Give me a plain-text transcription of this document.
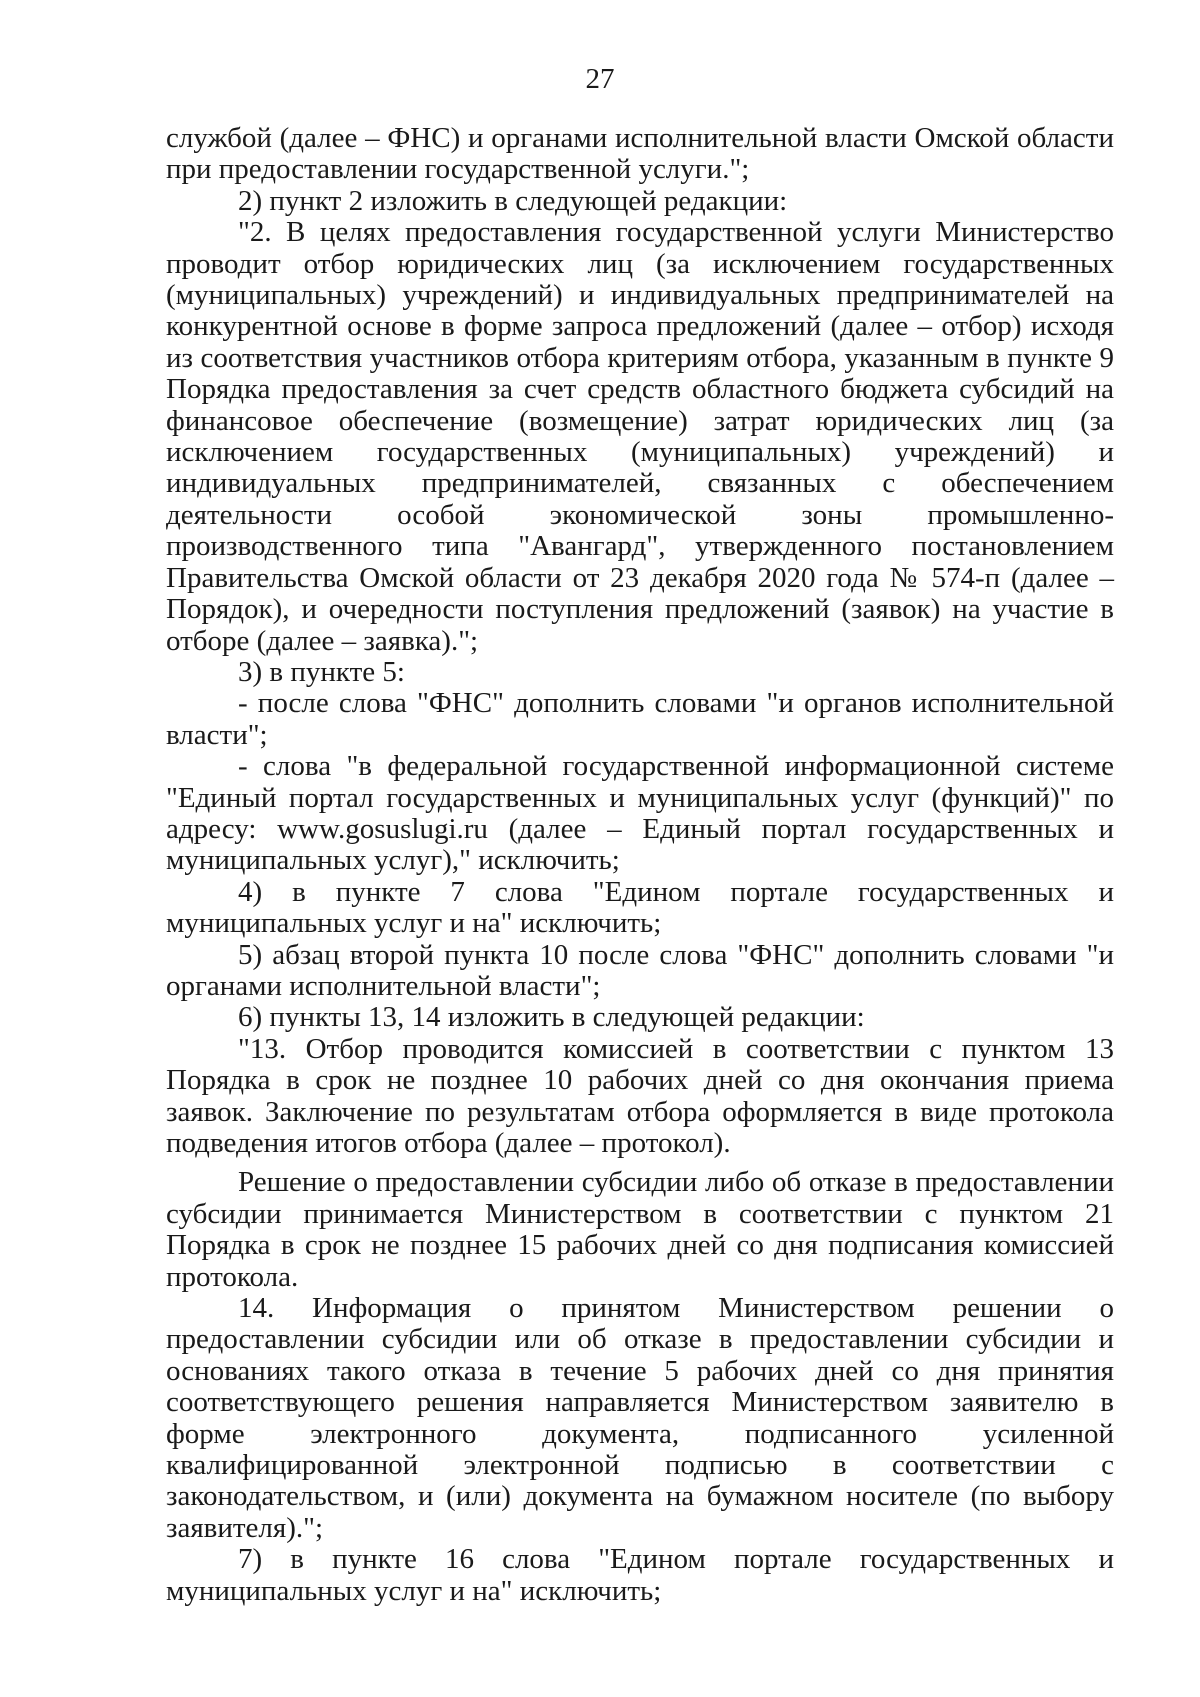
27

службой (далее – ФНС) и органами исполнительной власти Омской области при предоставлении государственной услуги.";

2) пункт 2 изложить в следующей редакции:

"2. В целях предоставления государственной услуги Министерство проводит отбор юридических лиц (за исключением государственных (муниципальных) учреждений) и индивидуальных предпринимателей на конкурентной основе в форме запроса предложений (далее – отбор) исходя из соответствия участников отбора критериям отбора, указанным в пункте 9 Порядка предоставления за счет средств областного бюджета субсидий на финансовое обеспечение (возмещение) затрат юридических лиц (за исключением государственных (муниципальных) учреждений) и индивидуальных предпринимателей, связанных с обеспечением деятельности особой экономической зоны промышленно-производственного типа "Авангард", утвержденного постановлением Правительства Омской области от 23 декабря 2020 года № 574-п (далее – Порядок), и очередности поступления предложений (заявок) на участие в отборе (далее – заявка).";

3) в пункте 5:

- после слова "ФНС" дополнить словами "и органов исполнительной власти";

- слова "в федеральной государственной информационной системе "Единый портал государственных и муниципальных услуг (функций)" по адресу: www.gosuslugi.ru (далее – Единый портал государственных и муниципальных услуг)," исключить;

4) в пункте 7 слова "Едином портале государственных и муниципальных услуг и на" исключить;

5) абзац второй пункта 10 после слова "ФНС" дополнить словами "и органами исполнительной власти";

6) пункты 13, 14 изложить в следующей редакции:

"13. Отбор проводится комиссией в соответствии с пунктом 13 Порядка в срок не позднее 10 рабочих дней со дня окончания приема заявок. Заключение по результатам отбора оформляется в виде протокола подведения итогов отбора (далее – протокол).

Решение о предоставлении субсидии либо об отказе в предоставлении субсидии принимается Министерством в соответствии с пунктом 21 Порядка в срок не позднее 15 рабочих дней со дня подписания комиссией протокола.

14. Информация о принятом Министерством решении о предоставлении субсидии или об отказе в предоставлении субсидии и основаниях такого отказа в течение 5 рабочих дней со дня принятия соответствующего решения направляется Министерством заявителю в форме электронного документа, подписанного усиленной квалифицированной электронной подписью в соответствии с законодательством, и (или) документа на бумажном носителе (по выбору заявителя).";

7) в пункте 16 слова "Едином портале государственных и муниципальных услуг и на" исключить;
